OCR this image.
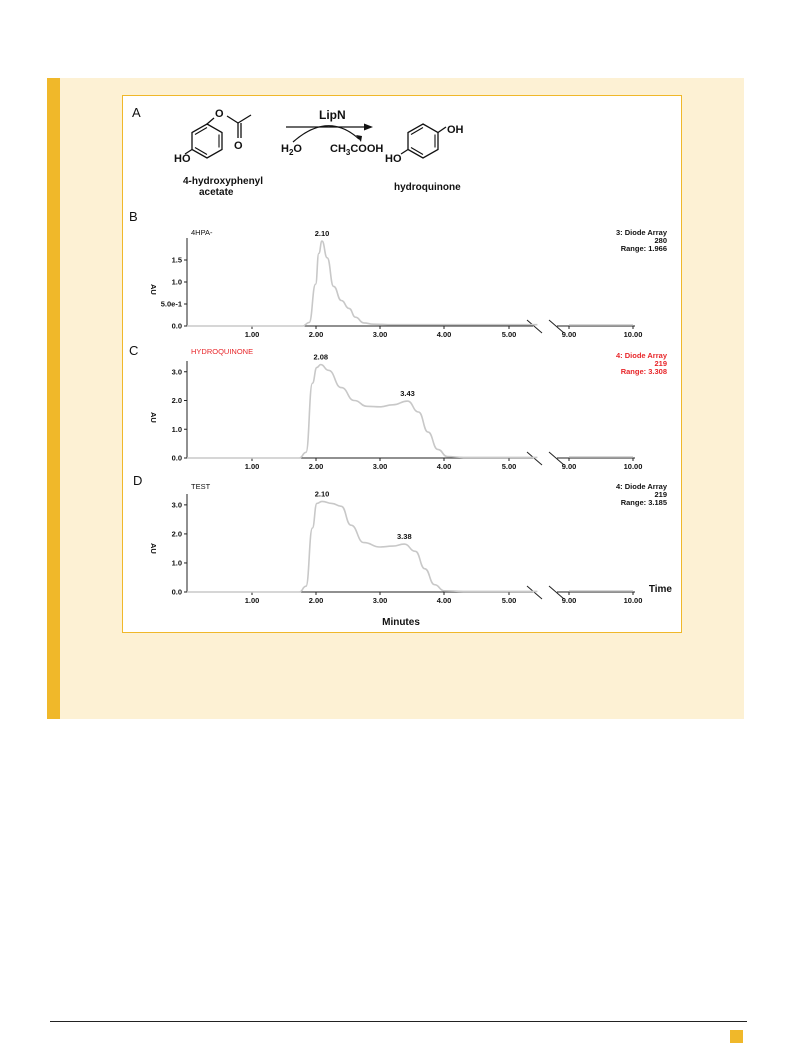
A
HO
O
O
4-hydroxyphenyl
acetate
LipN
$H_2O$	$CH_3COOH$
OH
HO
hydroquinone
B
4HPA-	3: Diode Array
280
Range: 1.966
AU
1.00	2.00	3.00	4.00	5.00	9.00	10.00
1.5
1.0
5.0e-1
0.0
2.10
C	HYDROQUINONE	4: Diode Array
219
Range: 3.308
AU
1.00	2.00	3.00	4.00	5.00	9.00	10.00
3.0
2.0
1.0
0.0
2.08
3.43
D	TEST	4: Diode Array
219
Range: 3.185
AU
Time
1.00	2.00	3.00	4.00	5.00	9.00	10.00
3.0
2.0
1.0
0.0
2.10
3.38
Minutes
